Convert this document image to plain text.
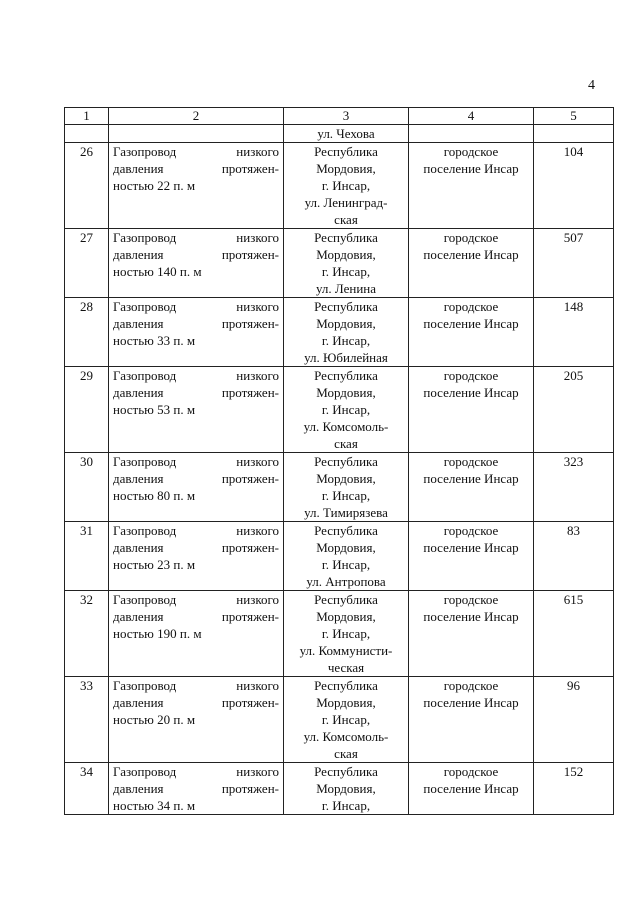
4
1	2	3	4	5
		ул. Чехова		
26	Газопровод низкого
давления протяжен-
ностью 22 п. м	Республика
Мордовия,
г. Инсар,
ул. Ленинград-
ская	городское
поселение Инсар	104
27	Газопровод низкого
давления протяжен-
ностью 140 п. м	Республика
Мордовия,
г. Инсар,
ул. Ленина	городское
поселение Инсар	507
28	Газопровод низкого
давления протяжен-
ностью 33 п. м	Республика
Мордовия,
г. Инсар,
ул. Юбилейная	городское
поселение Инсар	148
29	Газопровод низкого
давления протяжен-
ностью 53 п. м	Республика
Мордовия,
г. Инсар,
ул. Комсомоль-
ская	городское
поселение Инсар	205
30	Газопровод низкого
давления протяжен-
ностью 80 п. м	Республика
Мордовия,
г. Инсар,
ул. Тимирязева	городское
поселение Инсар	323
31	Газопровод низкого
давления протяжен-
ностью 23 п. м	Республика
Мордовия,
г. Инсар,
ул. Антропова	городское
поселение Инсар	83
32	Газопровод низкого
давления протяжен-
ностью 190 п. м	Республика
Мордовия,
г. Инсар,
ул. Коммунисти-
ческая	городское
поселение Инсар	615
33	Газопровод низкого
давления протяжен-
ностью 20 п. м	Республика
Мордовия,
г. Инсар,
ул. Комсомоль-
ская	городское
поселение Инсар	96
34	Газопровод низкого
давления протяжен-
ностью 34 п. м	Республика
Мордовия,
г. Инсар,	городское
поселение Инсар	152
